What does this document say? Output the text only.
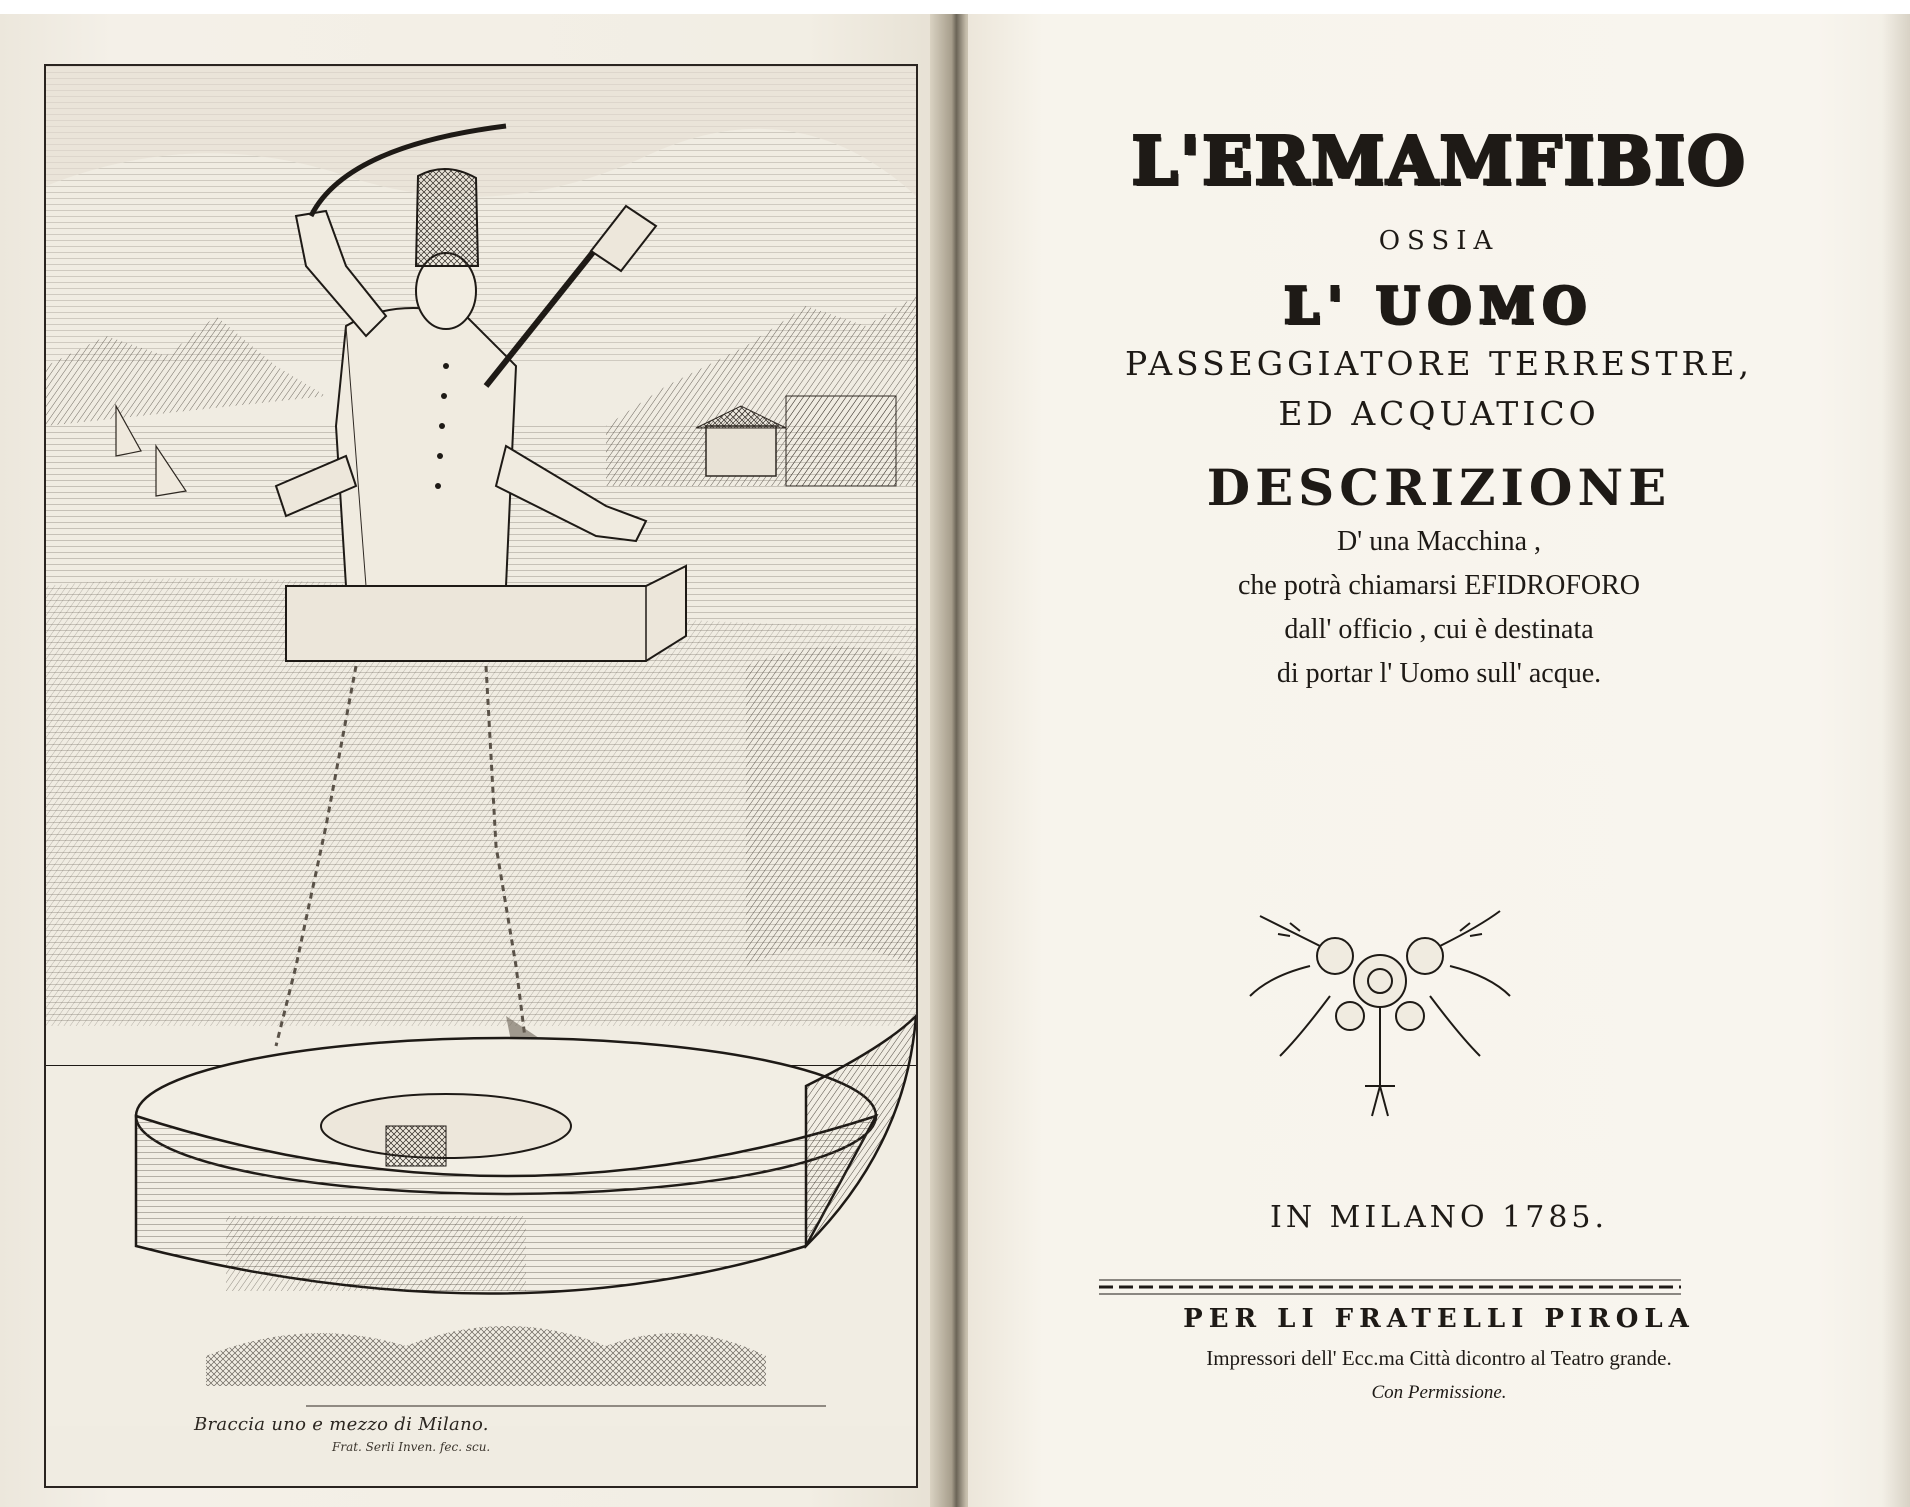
Braccia uno e mezzo di Milano.
Frat. Serli Inven. fec. scu.
L'ERMAMFIBIO
OSSIA
L' UOMO
PASSEGGIATORE TERRESTRE,
ED ACQUATICO
DESCRIZIONE
D' una Macchina ,
che potrà chiamarsi EFIDROFORO
dall' officio , cui è destinata
di portar l' Uomo sull' acque.
IN MILANO 1785.
PER LI FRATELLI PIROLA
Impressori dell' Ecc.ma Città dicontro al Teatro grande.
Con Permissione.
